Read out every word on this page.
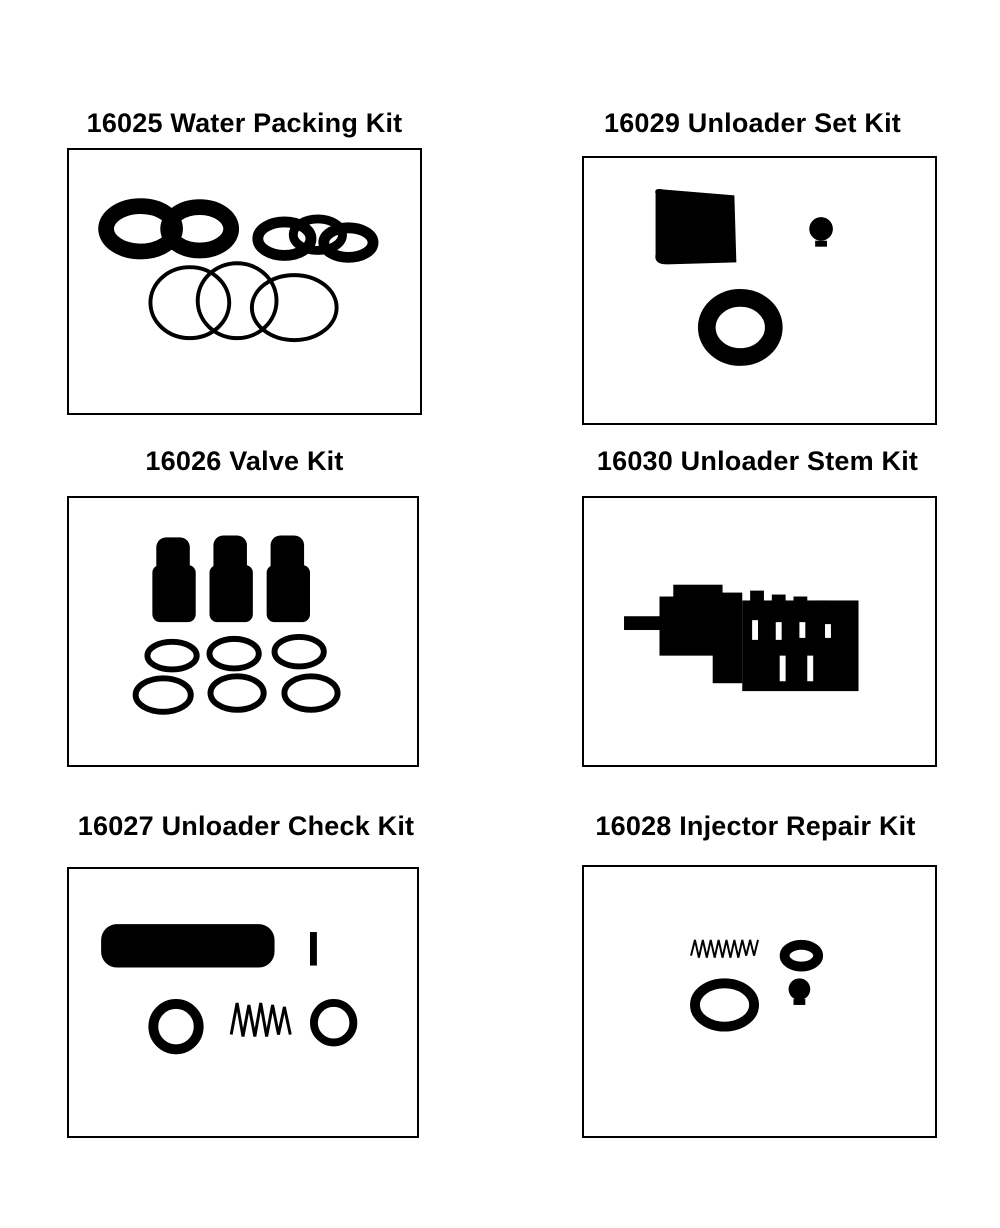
16025 Water Packing Kit	16029 Unloader Set Kit
16026 Valve Kit	16030 Unloader Stem Kit
16027 Unloader Check Kit	16028 Injector Repair Kit
